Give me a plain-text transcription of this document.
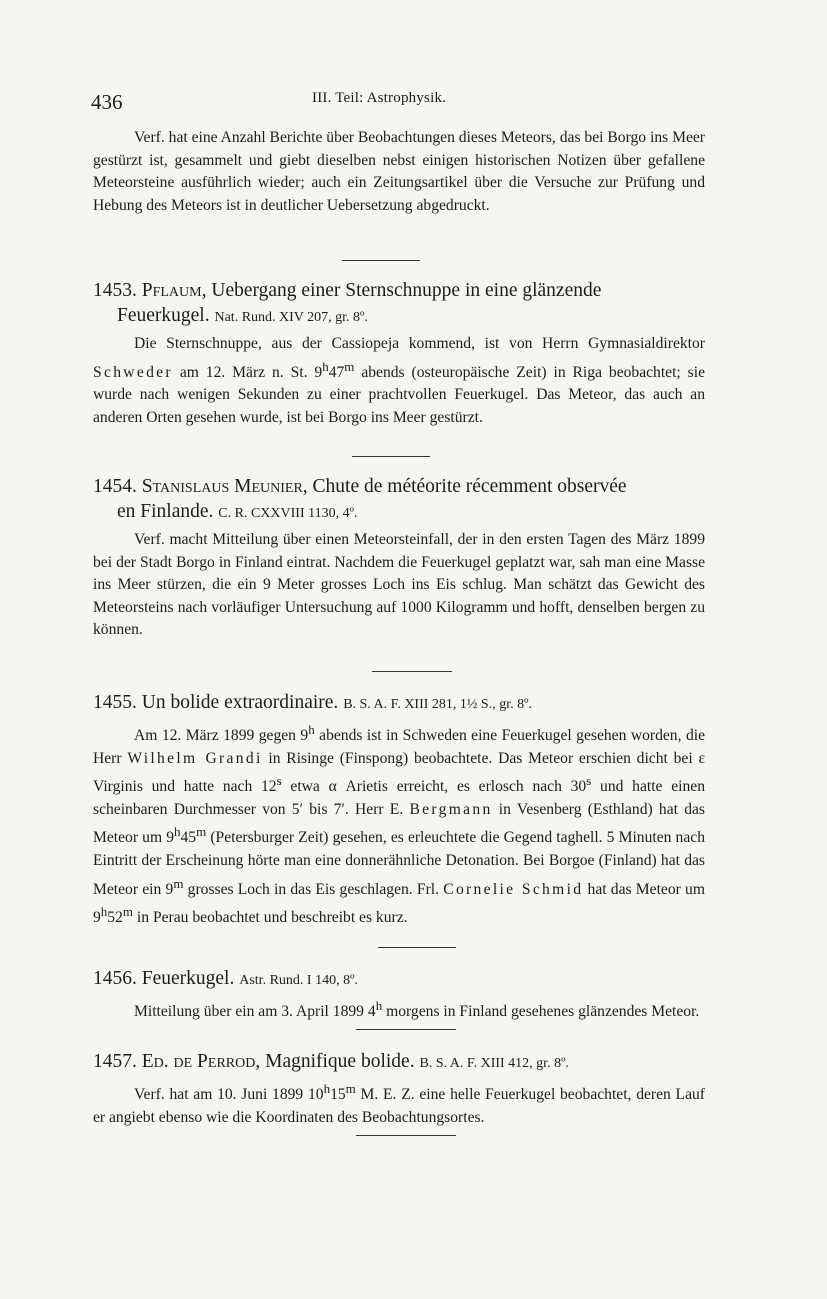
436	III. Teil: Astrophysik.

Verf. hat eine Anzahl Berichte über Beobachtungen dieses Meteors, das bei Borgo ins Meer gestürzt ist, gesammelt und giebt dieselben nebst einigen historischen Notizen über gefallene Meteorsteine ausführlich wieder; auch ein Zeitungsartikel über die Versuche zur Prüfung und Hebung des Meteors ist in deutlicher Uebersetzung abgedruckt.

1453. Pflaum, Uebergang einer Sternschnuppe in eine glänzende
Feuerkugel. Nat. Rund. XIV 207, gr. 8º.

Die Sternschnuppe, aus der Cassiopeja kommend, ist von Herrn Gymnasialdirektor Schweder am 12. März n. St. 9$^h$47$^m$ abends (osteuropäische Zeit) in Riga beobachtet; sie wurde nach wenigen Sekunden zu einer prachtvollen Feuerkugel. Das Meteor, das auch an anderen Orten gesehen wurde, ist bei Borgo ins Meer gestürzt.

1454. Stanislaus Meunier, Chute de météorite récemment observée
en Finlande. C. R. CXXVIII 1130, 4º.

Verf. macht Mitteilung über einen Meteorsteinfall, der in den ersten Tagen des März 1899 bei der Stadt Borgo in Finland eintrat. Nachdem die Feuerkugel geplatzt war, sah man eine Masse ins Meer stürzen, die ein 9 Meter grosses Loch ins Eis schlug. Man schätzt das Gewicht des Meteorsteins nach vorläufiger Untersuchung auf 1000 Kilogramm und hofft, denselben bergen zu können.

1455. Un bolide extraordinaire. B. S. A. F. XIII 281, 1½ S., gr. 8º.

Am 12. März 1899 gegen 9$^h$ abends ist in Schweden eine Feuerkugel gesehen worden, die Herr Wilhelm Grandi in Risinge (Finspong) beobachtete. Das Meteor erschien dicht bei ε Virginis und hatte nach 12$^s$ etwa α Arietis erreicht, es erlosch nach 30$^s$ und hatte einen scheinbaren Durchmesser von 5′ bis 7′. Herr E. Bergmann in Vesenberg (Esthland) hat das Meteor um 9$^h$45$^m$ (Petersburger Zeit) gesehen, es erleuchtete die Gegend taghell. 5 Minuten nach Eintritt der Erscheinung hörte man eine donnerähnliche Detonation. Bei Borgoe (Finland) hat das Meteor ein 9$^m$ grosses Loch in das Eis geschlagen. Frl. Cornelie Schmid hat das Meteor um 9$^h$52$^m$ in Perau beobachtet und beschreibt es kurz.

1456. Feuerkugel. Astr. Rund. I 140, 8º.

Mitteilung über ein am 3. April 1899 4$^h$ morgens in Finland gesehenes glänzendes Meteor.

1457. Ed. de Perrod, Magnifique bolide. B. S. A. F. XIII 412, gr. 8º.

Verf. hat am 10. Juni 1899 10$^h$15$^m$ M. E. Z. eine helle Feuerkugel beobachtet, deren Lauf er angiebt ebenso wie die Koordinaten des Beobachtungsortes.
